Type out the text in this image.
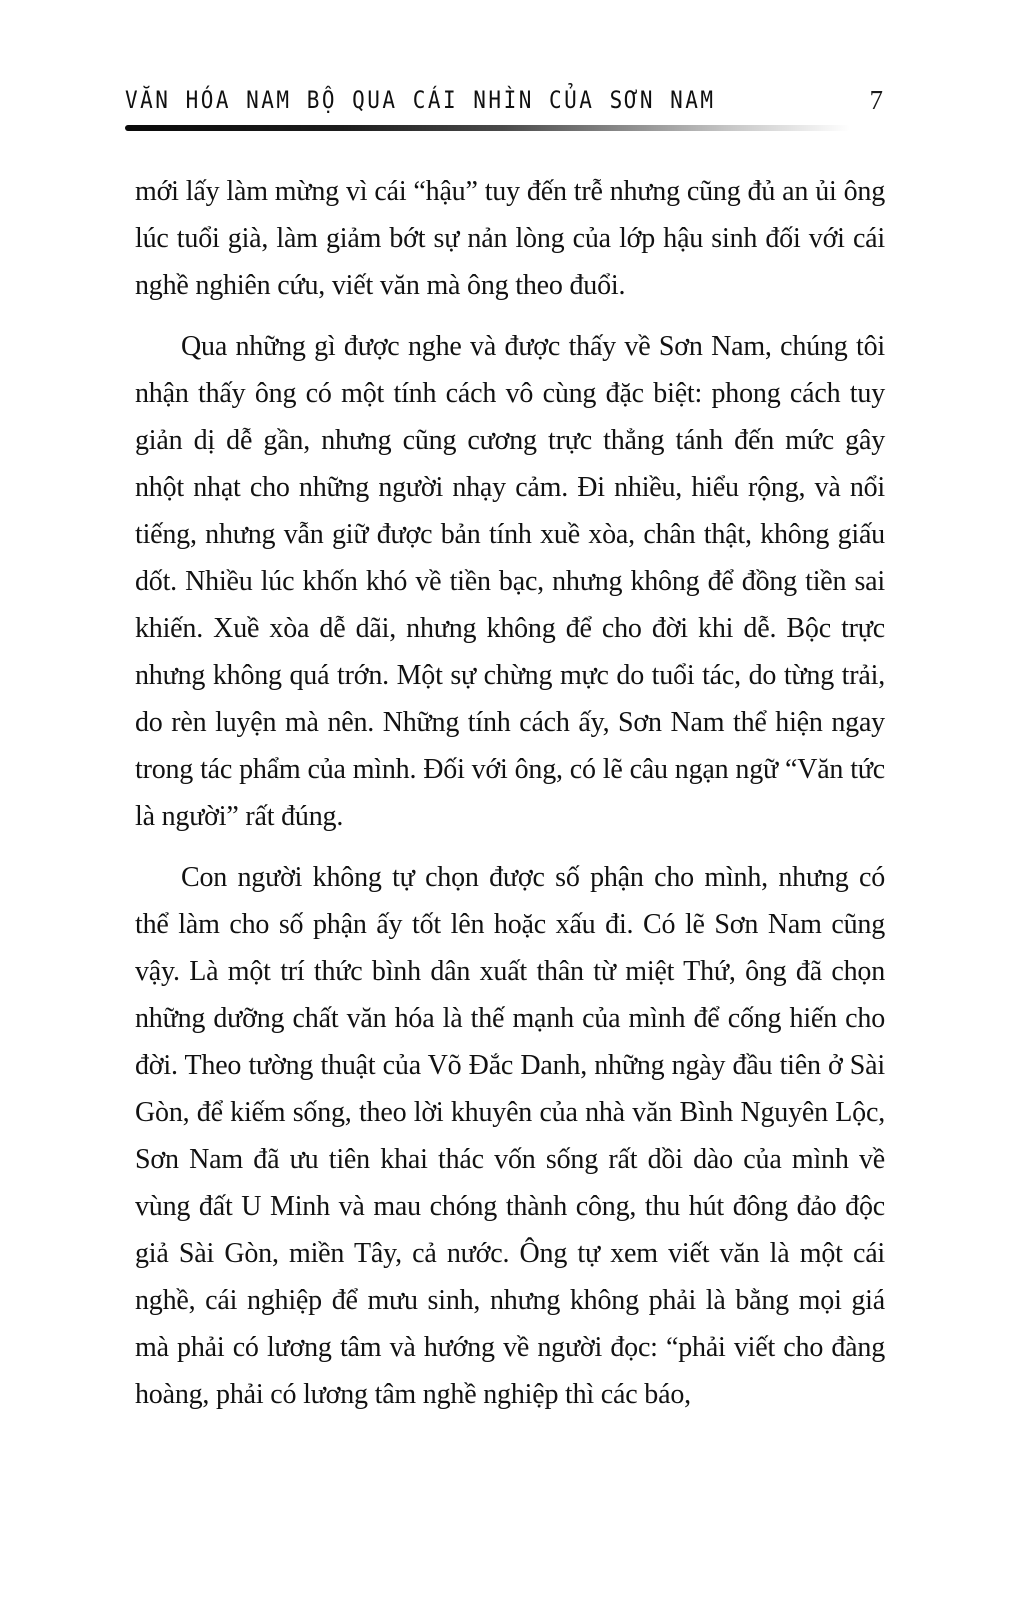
VĂN HÓA NAM BỘ QUA CÁI NHÌN CỦA SƠN NAM	7

mới lấy làm mừng vì cái “hậu” tuy đến trễ nhưng cũng đủ an ủi ông lúc tuổi già, làm giảm bớt sự nản lòng của lớp hậu sinh đối với cái nghề nghiên cứu, viết văn mà ông theo đuổi.

Qua những gì được nghe và được thấy về Sơn Nam, chúng tôi nhận thấy ông có một tính cách vô cùng đặc biệt: phong cách tuy giản dị dễ gần, nhưng cũng cương trực thẳng tánh đến mức gây nhột nhạt cho những người nhạy cảm. Đi nhiều, hiểu rộng, và nổi tiếng, nhưng vẫn giữ được bản tính xuề xòa, chân thật, không giấu dốt. Nhiều lúc khốn khó về tiền bạc, nhưng không để đồng tiền sai khiến. Xuề xòa dễ dãi, nhưng không để cho đời khi dễ. Bộc trực nhưng không quá trớn. Một sự chừng mực do tuổi tác, do từng trải, do rèn luyện mà nên. Những tính cách ấy, Sơn Nam thể hiện ngay trong tác phẩm của mình. Đối với ông, có lẽ câu ngạn ngữ “Văn tức là người” rất đúng.

Con người không tự chọn được số phận cho mình, nhưng có thể làm cho số phận ấy tốt lên hoặc xấu đi. Có lẽ Sơn Nam cũng vậy. Là một trí thức bình dân xuất thân từ miệt Thứ, ông đã chọn những dưỡng chất văn hóa là thế mạnh của mình để cống hiến cho đời. Theo tường thuật của Võ Đắc Danh, những ngày đầu tiên ở Sài Gòn, để kiếm sống, theo lời khuyên của nhà văn Bình Nguyên Lộc, Sơn Nam đã ưu tiên khai thác vốn sống rất dồi dào của mình về vùng đất U Minh và mau chóng thành công, thu hút đông đảo độc giả Sài Gòn, miền Tây, cả nước. Ông tự xem viết văn là một cái nghề, cái nghiệp để mưu sinh, nhưng không phải là bằng mọi giá mà phải có lương tâm và hướng về người đọc: “phải viết cho đàng hoàng, phải có lương tâm nghề nghiệp thì các báo,
